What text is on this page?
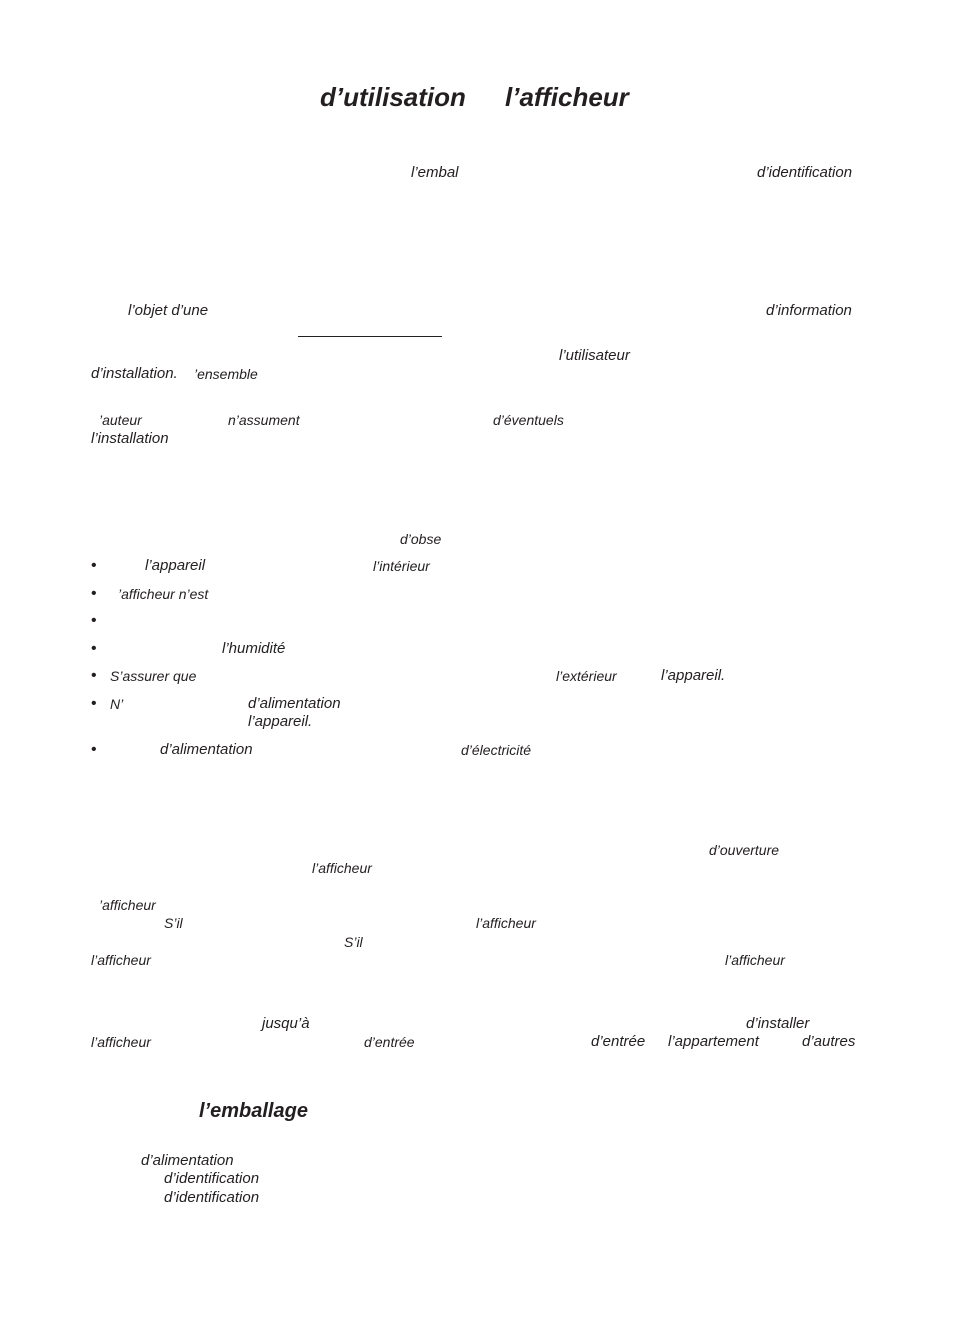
d’utilisation l’afficheur
l’embal	d’identification
l’objet d’une	d’information
l’utilisateur
d’installation. ’ensemble
’auteur	n’assument	d’éventuels
l’installation
d’obse
•	l’appareil	l’intérieur
• ’afficheur n’est
•
•	l’humidité
• S’assurer que	l’extérieur	l’appareil.
• N’	d’alimentation
l’appareil.
•	d’alimentation	d’électricité
d’ouverture
l’afficheur
’afficheur
S’il	l’afficheur
S’il
l’afficheur	l’afficheur
jusqu’à	d’installer
l’afficheur	d’entrée	d’entrée l’appartement	d’autres
l’emballage
d’alimentation
d’identification
d’identification
